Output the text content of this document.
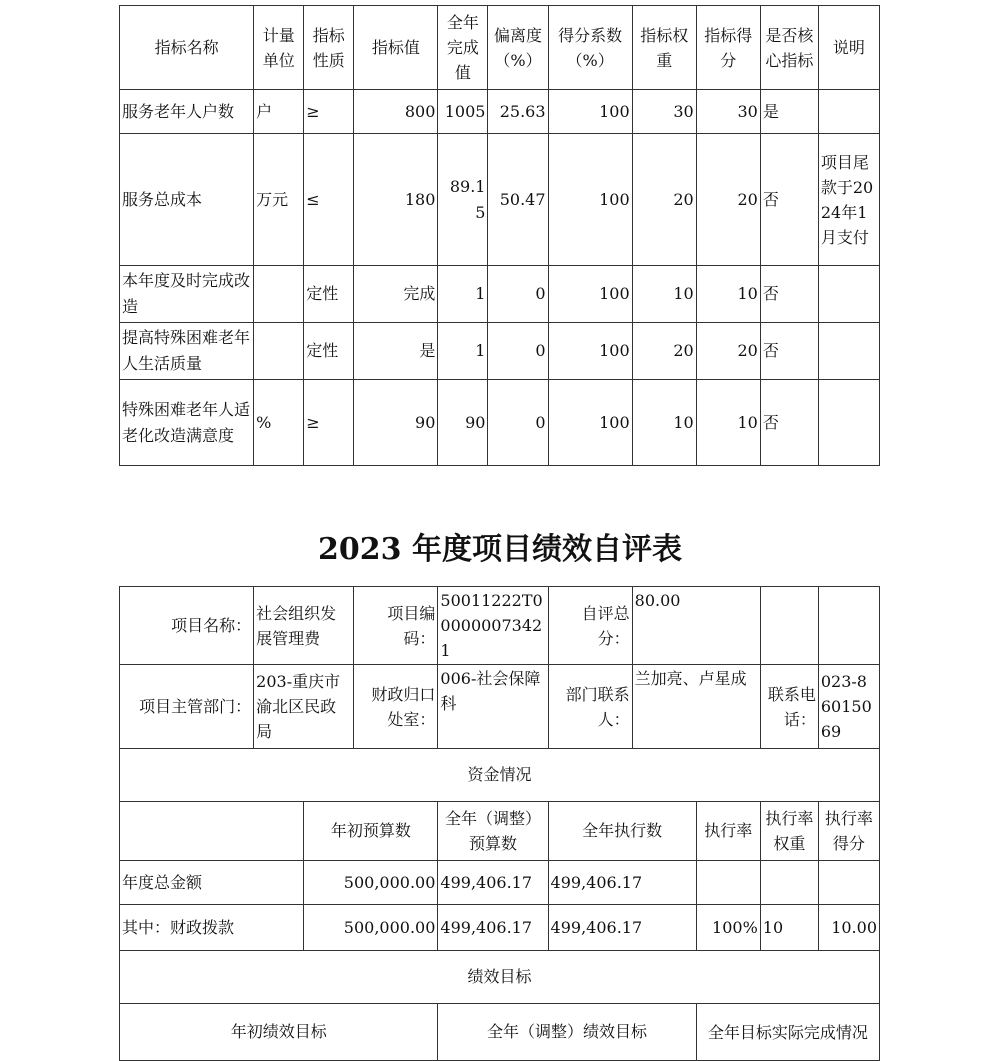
指标名称	计量单位	指标性质	指标值	全年完成值	偏离度（%）	得分系数（%）	指标权重	指标得分	是否核心指标	说明
服务老年人户数	户	≥	800	1005	25.63	100	30	30	是	
服务总成本	万元	≤	180	89.15	50.47	100	20	20	否	项目尾款于2024年1月支付
本年度及时完成改造		定性	完成	1	0	100	10	10	否	
提高特殊困难老年人生活质量		定性	是	1	0	100	20	20	否	
特殊困难老年人适老化改造满意度	%	≥	90	90	0	100	10	10	否	
2023 年度项目绩效自评表
项目名称：	社会组织发展管理费		项目编码：	50011222T000000073421	自评总分：	80.00			
项目主管部门：	203-重庆市渝北区民政局		财政归口处室：	006-社会保障科	部门联系人：	兰加亮、卢星成		联系电话：	023-86015069
资金情况									
		年初预算数		全年（调整）预算数	全年执行数		执行率	执行率权重	执行率得分
年度总金额		500,000.00		499,406.17	499,406.17				
其中：财政拨款		500,000.00		499,406.17	499,406.17		100%	10	10.00
绩效目标									
年初绩效目标				全年（调整）绩效目标			全年目标实际完成情况		
